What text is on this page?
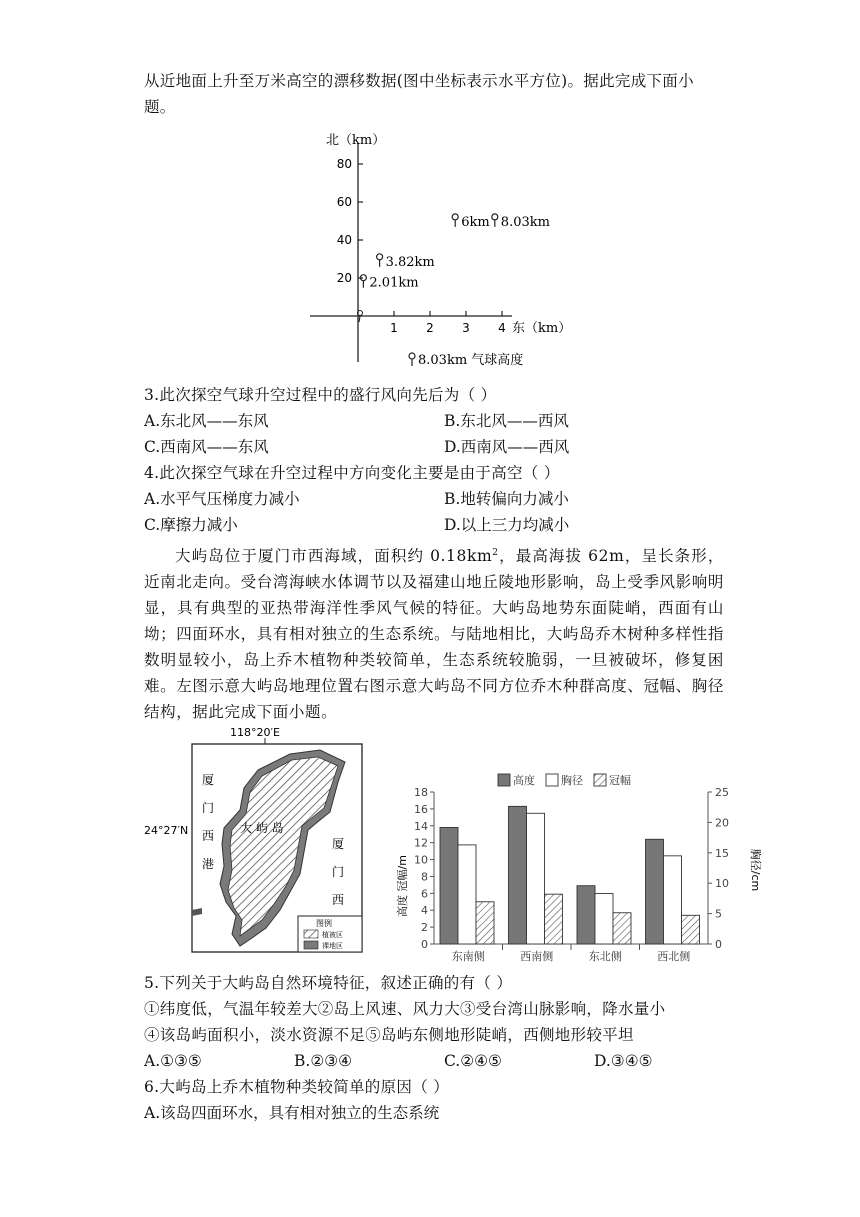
从近地面上升至万米高空的漂移数据(图中坐标表示水平方位)。据此完成下面小
题。
北（km）
东（km）
20
40
60
80
1 2 3 4
2.01km
3.82km
6km 8.03km
8.03km 气球高度
3.此次探空气球升空过程中的盛行风向先后为（ ）
A.东北风——东风	B.东北风——西风
C.西南风——东风	D.西南风——西风
4.此次探空气球在升空过程中方向变化主要是由于高空（ ）
A.水平气压梯度力减小	B.地转偏向力减小
C.摩擦力减小	D.以上三力均减小
大屿岛位于厦门市西海域，面积约 $0.18km^2$，最高海拔 62m，呈长条形，近南北走向。受台湾海峡水体调节以及福建山地丘陵地形影响，岛上受季风影响明显，具有典型的亚热带海洋性季风气候的特征。大屿岛地势东面陡峭，西面有山坳；四面环水，具有相对独立的生态系统。与陆地相比，大屿岛乔木树种多样性指数明显较小，岛上乔木植物种类较简单，生态系统较脆弱，一旦被破坏，修复困难。左图示意大屿岛地理位置右图示意大屿岛不同方位乔木种群高度、冠幅、胸径结构，据此完成下面小题。
118°20′E
24°27′N	大 屿 岛
厦
门
西
港
厦
门
西
图例
植被区
裸地区
高度 胸径 冠幅
0
2
4
6
8
10
12
14
16
18
0
5
10
15
20
25
东南侧	西南侧	东北侧	西北侧
高度 冠幅/m	胸径/cm
5.下列关于大屿岛自然环境特征，叙述正确的有（ ）
①纬度低，气温年较差大②岛上风速、风力大③受台湾山脉影响，降水量小
④该岛屿面积小，淡水资源不足⑤岛屿东侧地形陡峭，西侧地形较平坦
A.①③⑤	B.②③④	C.②④⑤	D.③④⑤
6.大屿岛上乔木植物种类较简单的原因（ ）
A.该岛四面环水，具有相对独立的生态系统
